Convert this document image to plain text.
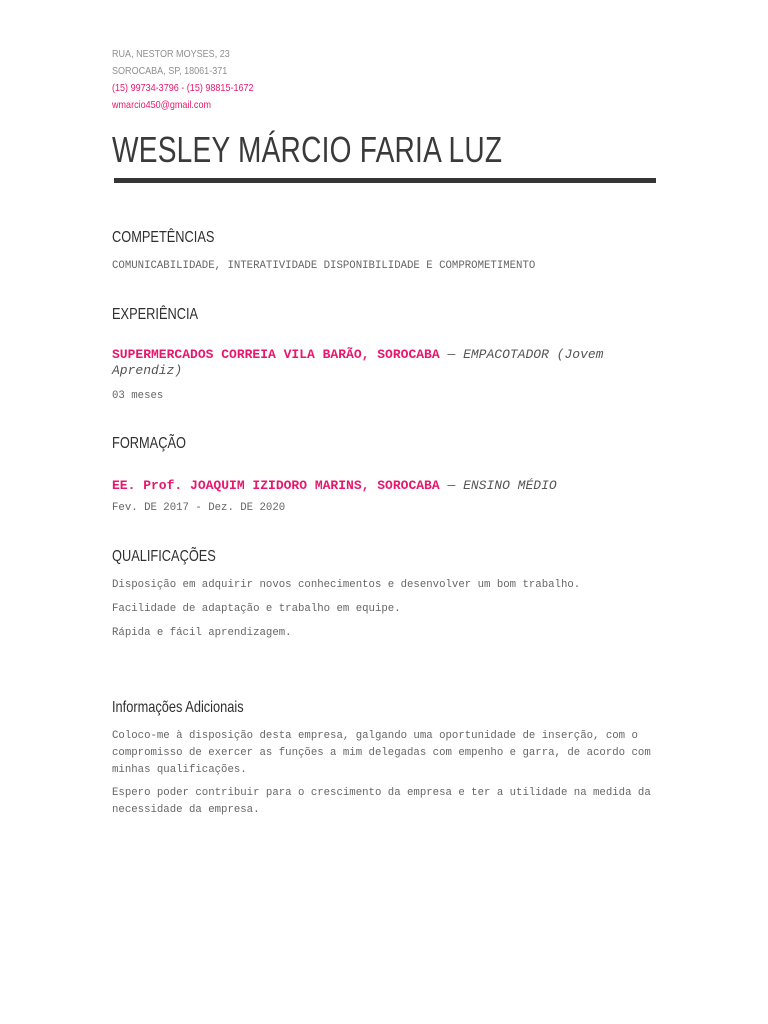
RUA, NESTOR MOYSES, 23
SOROCABA, SP, 18061-371
(15) 99734-3796 - (15) 98815-1672
wmarcio450@gmail.com
WESLEY MÁRCIO FARIA LUZ
COMPETÊNCIAS

COMUNICABILIDADE, INTERATIVIDADE DISPONIBILIDADE E COMPROMETIMENTO

EXPERIÊNCIA

SUPERMERCADOS CORREIA VILA BARÃO, SOROCABA — EMPACOTADOR (Jovem Aprendiz)

03 meses

FORMAÇÃO

EE. Prof. JOAQUIM IZIDORO MARINS, SOROCABA — ENSINO MÉDIO

Fev. DE 2017 - Dez. DE 2020

QUALIFICAÇÕES

Disposição em adquirir novos conhecimentos e desenvolver um bom trabalho.

Facilidade de adaptação e trabalho em equipe.

Rápida e fácil aprendizagem.

Informações Adicionais

Coloco-me à disposição desta empresa, galgando uma oportunidade de inserção, com o compromisso de exercer as funções a mim delegadas com empenho e garra, de acordo com minhas qualificações.

Espero poder contribuir para o crescimento da empresa e ter a utilidade na medida da necessidade da empresa.
